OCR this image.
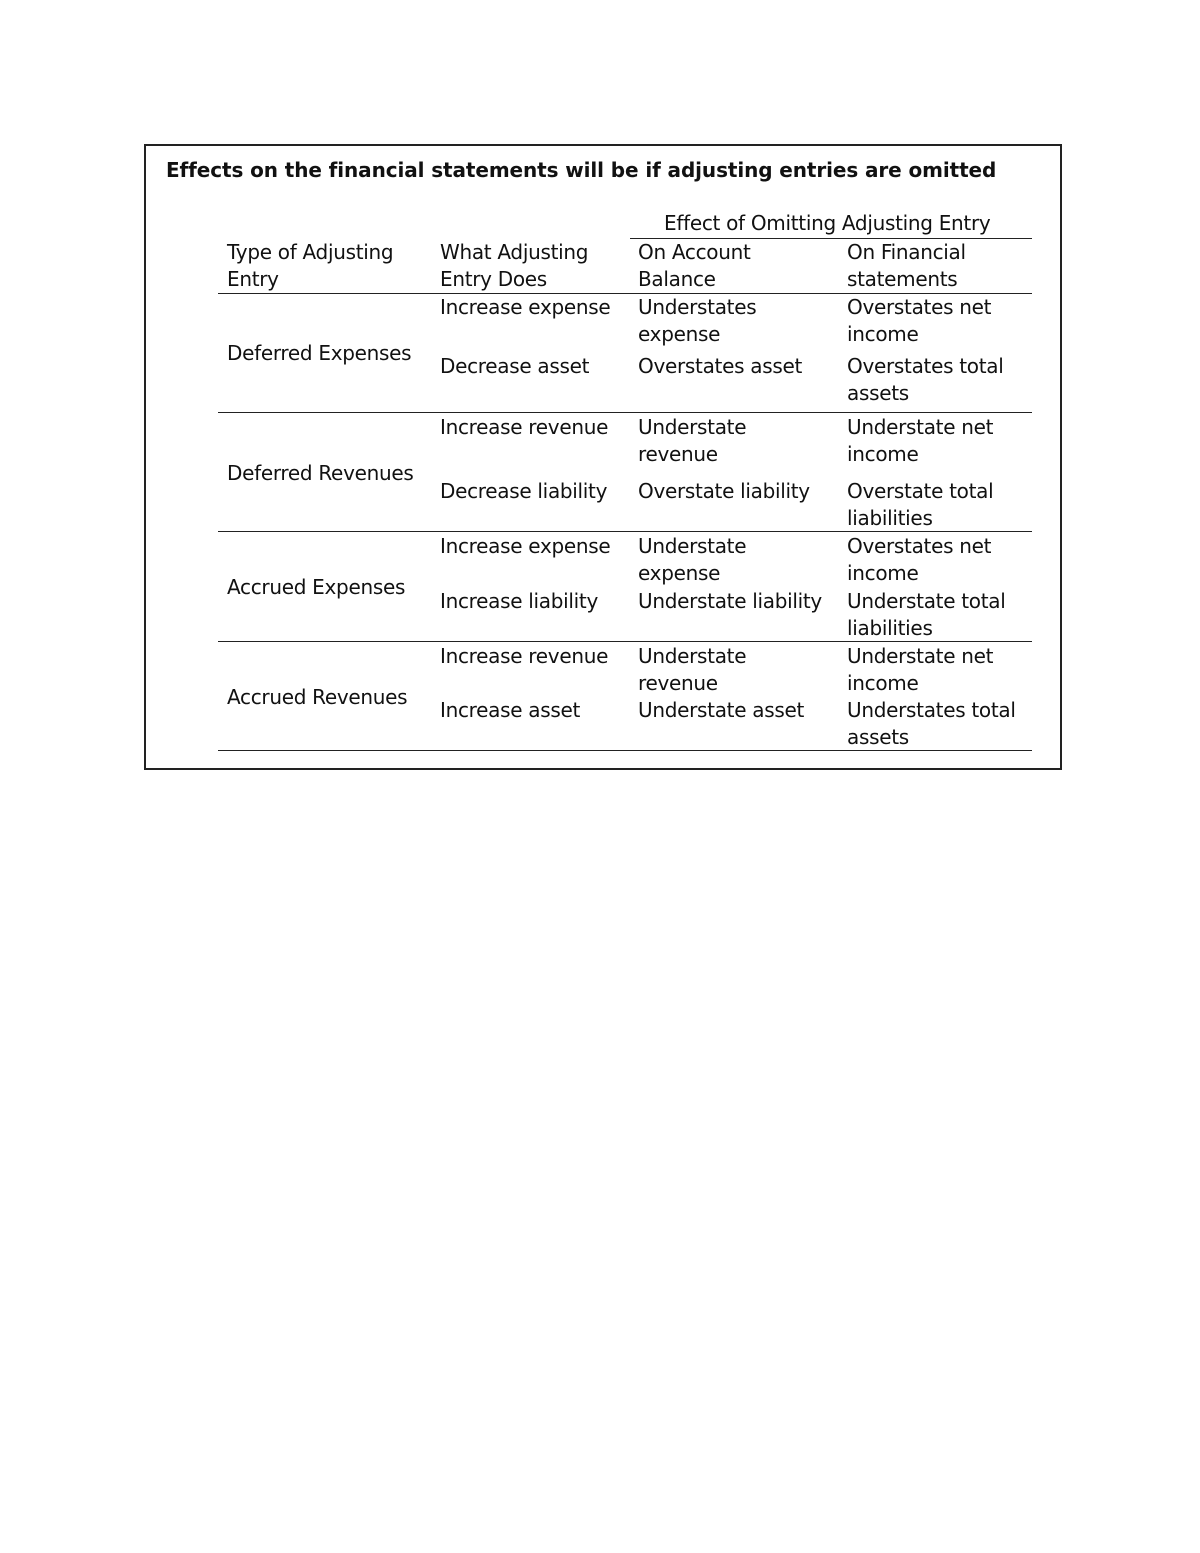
Effects on the financial statements will be if adjusting entries are omitted
Effect of Omitting Adjusting Entry
Type of Adjusting
Entry
What Adjusting
Entry Does
On Account
Balance
On Financial
statements
Deferred Expenses
Increase expense Understates
expense
Overstates net
income
Decrease asset Overstates asset Overstates total
assets
Deferred Revenues
Increase revenue Understate
revenue
Understate net
income
Decrease liability Overstate liability Overstate total
liabilities
Accrued Expenses
Increase expense Understate
expense
Overstates net
income
Increase liability Understate liability Understate total
liabilities
Accrued Revenues
Increase revenue Understate
revenue
Understate net
income
Increase asset	Understate asset Understates total
assets
